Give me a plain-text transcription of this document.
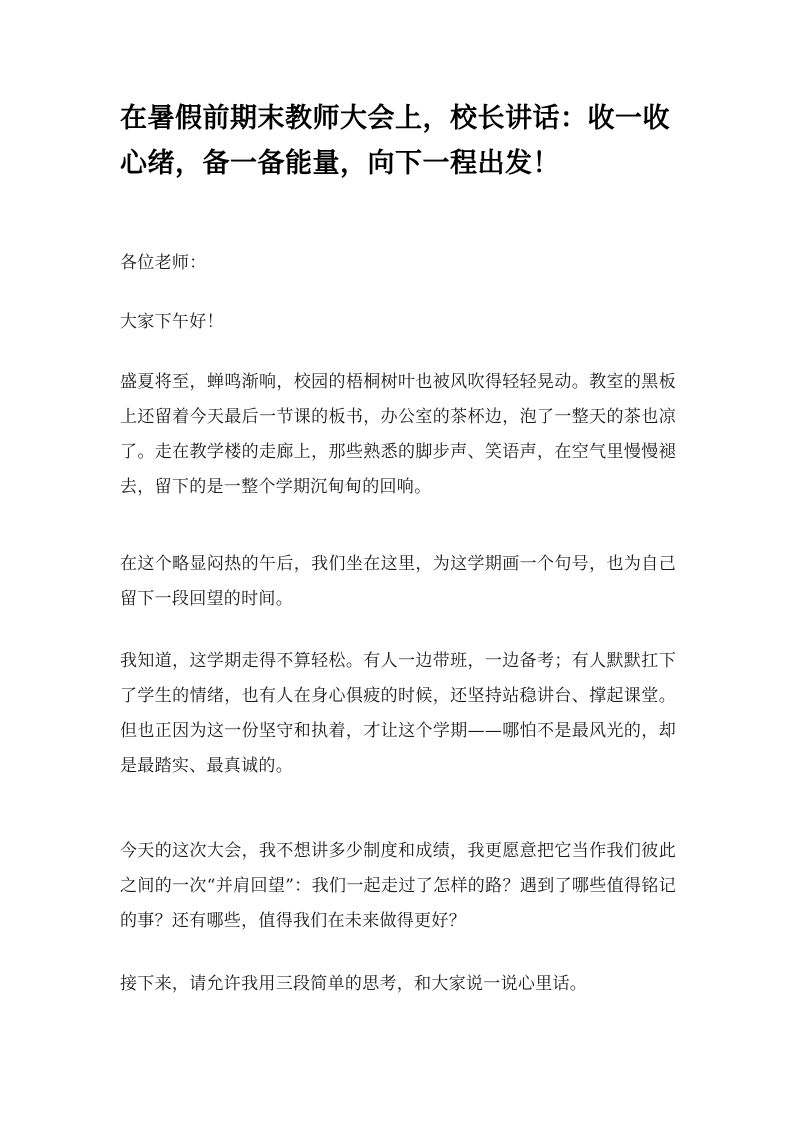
在暑假前期末教师大会上，校长讲话：收一收心绪，备一备能量，向下一程出发！

各位老师：

大家下午好！

盛夏将至，蝉鸣渐响，校园的梧桐树叶也被风吹得轻轻晃动。教室的黑板上还留着今天最后一节课的板书，办公室的茶杯边，泡了一整天的茶也凉了。走在教学楼的走廊上，那些熟悉的脚步声、笑语声，在空气里慢慢褪去，留下的是一整个学期沉甸甸的回响。

在这个略显闷热的午后，我们坐在这里，为这学期画一个句号，也为自己留下一段回望的时间。

我知道，这学期走得不算轻松。有人一边带班，一边备考；有人默默扛下了学生的情绪，也有人在身心俱疲的时候，还坚持站稳讲台、撑起课堂。但也正因为这一份坚守和执着，才让这个学期——哪怕不是最风光的，却是最踏实、最真诚的。

今天的这次大会，我不想讲多少制度和成绩，我更愿意把它当作我们彼此之间的一次“并肩回望”：我们一起走过了怎样的路？遇到了哪些值得铭记的事？还有哪些，值得我们在未来做得更好？

接下来，请允许我用三段简单的思考，和大家说一说心里话。
